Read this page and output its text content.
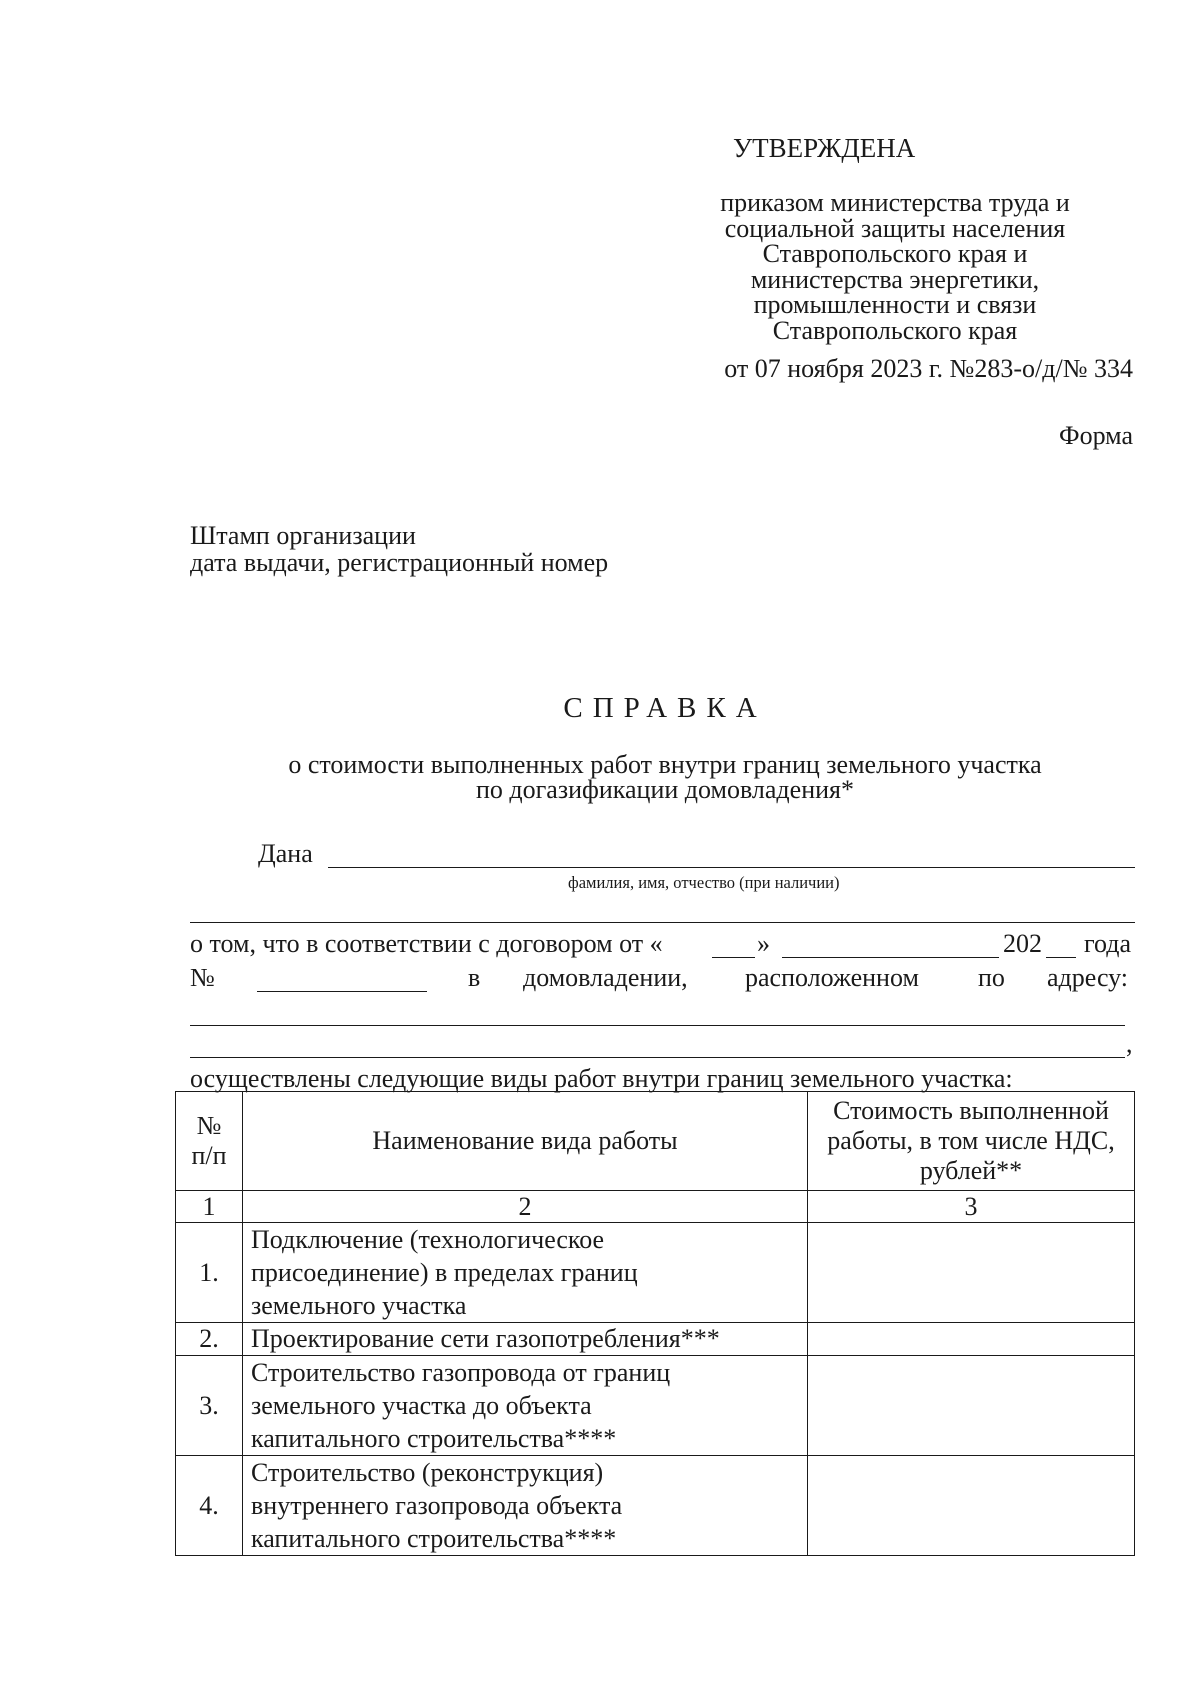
УТВЕРЖДЕНА
приказом министерства труда и
социальной защиты населения
Ставропольского края и
министерства энергетики,
промышленности и связи
Ставропольского края
от 07 ноября 2023 г. №283-о/д/№ 334
Форма
Штамп организации
дата выдачи, регистрационный номер
СПРАВКА
о стоимости выполненных работ внутри границ земельного участка
по догазификации домовладения*
Дана
фамилия, имя, отчество (при наличии)
о том, что в соответствии с договором от «	»	202 года
№	в домовладении, расположенном по адресу:
,
осуществлены следующие виды работ внутри границ земельного участка:
№ п/п	Наименование вида работы	Стоимость выполненной работы, в том числе НДС, рублей**
1	2	3
1.	Подключение (технологическое
присоединение) в пределах границ
земельного участка	

2.	Проектирование сети газопотребления***	

3.	Строительство газопровода от границ
земельного участка до объекта
капитального строительства****	

4.	Строительство (реконструкция)
внутреннего газопровода объекта
капитального строительства****	
